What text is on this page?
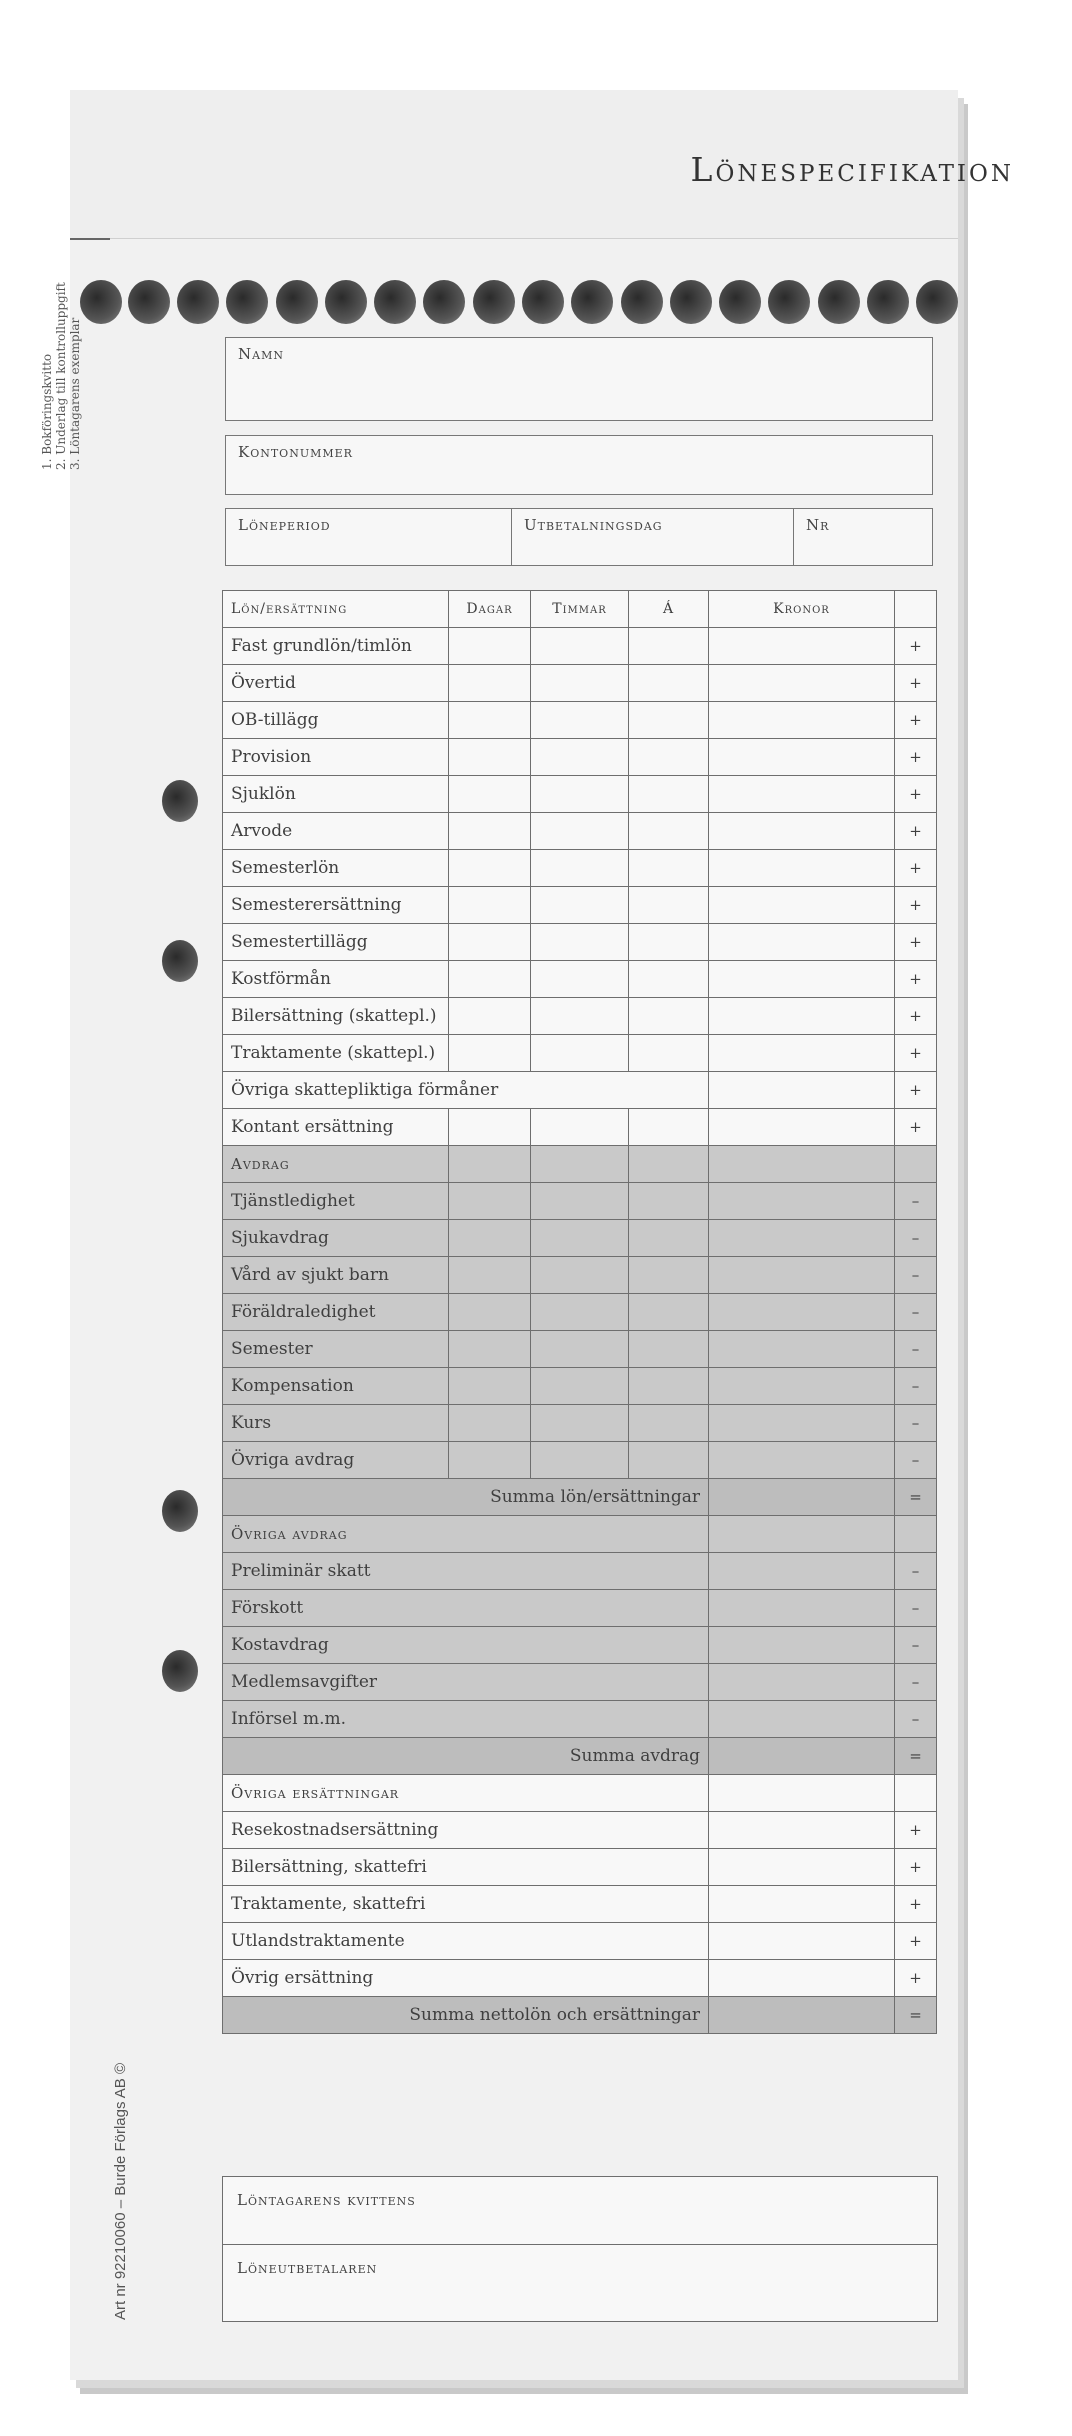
Lönespecifikation
1. Bokföringskvitto 2. Underlag till kontrolluppgift 3. Löntagarens exemplar
Art nr 92210060 – Burde Förlags AB ©
Namn
Kontonummer
Löneperiod	Utbetalningsdag	Nr
Lön/ersättning	Dagar	Timmar	Á	Kronor	
Fast grundlön/timlön					+
Övertid					+
OB-tillägg					+
Provision					+
Sjuklön					+
Arvode					+
Semesterlön					+
Semesterersättning					+
Semestertillägg					+
Kostförmån					+
Bilersättning (skattepl.)					+
Traktamente (skattepl.)					+
Övriga skattepliktiga förmåner					+
Kontant ersättning					+
Avdrag					
Tjänstledighet					–
Sjukavdrag					–
Vård av sjukt barn					–
Föräldraledighet					–
Semester					–
Kompensation					–
Kurs					–
Övriga avdrag					–
Summa lön/ersättningar					=
Övriga avdrag					
Preliminär skatt					–
Förskott					–
Kostavdrag					–
Medlemsavgifter					–
Införsel m.m.					–
Summa avdrag					=
Övriga ersättningar					
Resekostnadsersättning					+
Bilersättning, skattefri					+
Traktamente, skattefri					+
Utlandstraktamente					+
Övrig ersättning					+
Summa nettolön och ersättningar					=
Löntagarens kvittens
Löneutbetalaren
